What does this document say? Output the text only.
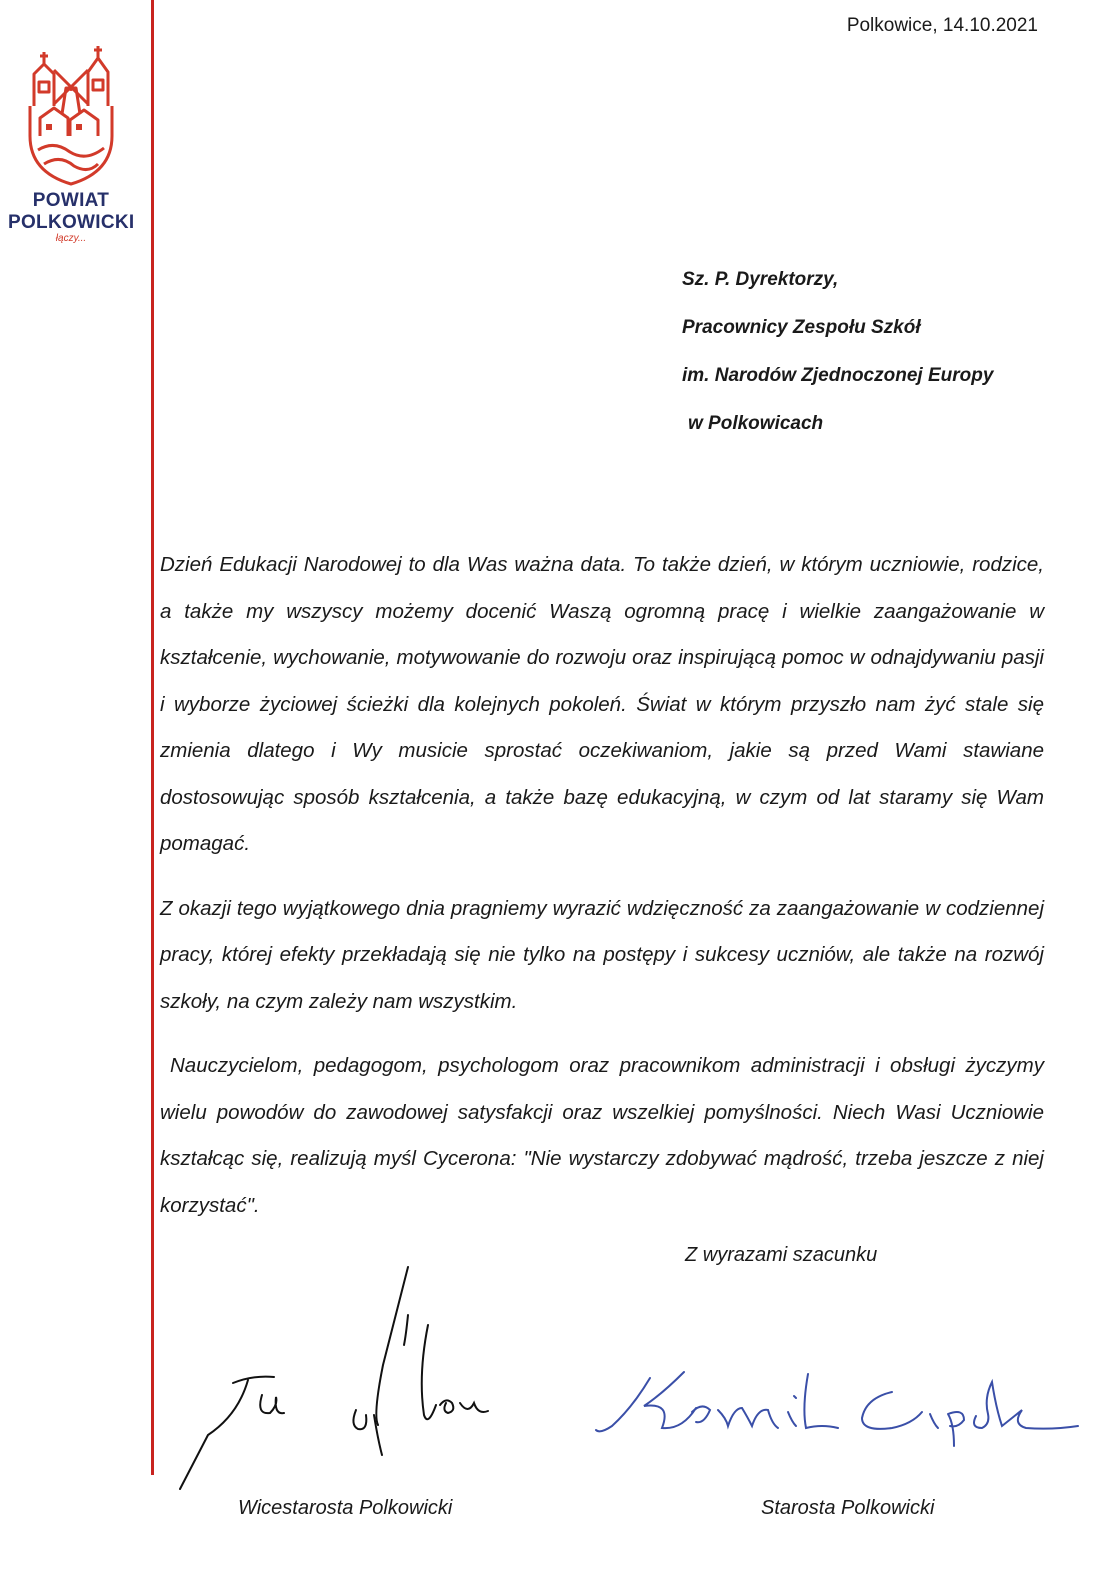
POWIAT
POLKOWICKI
łączy...
Polkowice, 14.10.2021
Sz. P. Dyrektorzy,
Pracownicy Zespołu Szkół
im. Narodów Zjednoczonej Europy
w Polkowicach

Dzień Edukacji Narodowej to dla Was ważna data. To także dzień, w którym uczniowie, rodzice, a także my wszyscy możemy docenić Waszą ogromną pracę i wielkie zaangażowanie w kształcenie, wychowanie, motywowanie do rozwoju oraz inspirującą pomoc w odnajdywaniu pasji i wyborze życiowej ścieżki dla kolejnych pokoleń. Świat w którym przyszło nam żyć stale się zmienia dlatego i Wy musicie sprostać oczekiwaniom, jakie są przed Wami stawiane dostosowując sposób kształcenia, a także bazę edukacyjną, w czym od lat staramy się Wam pomagać.

Z okazji tego wyjątkowego dnia pragniemy wyrazić wdzięczność za zaangażowanie w codziennej pracy, której efekty przekładają się nie tylko na postępy i sukcesy uczniów, ale także na rozwój szkoły, na czym zależy nam wszystkim.

Nauczycielom, pedagogom, psychologom oraz pracownikom administracji i obsługi życzymy wielu powodów do zawodowej satysfakcji oraz wszelkiej pomyślności. Niech Wasi Uczniowie kształcąc się, realizują myśl Cycerona: "Nie wystarczy zdobywać mądrość, trzeba jeszcze z niej korzystać".

Z wyrazami szacunku
Wicestarosta Polkowicki	Starosta Polkowicki
